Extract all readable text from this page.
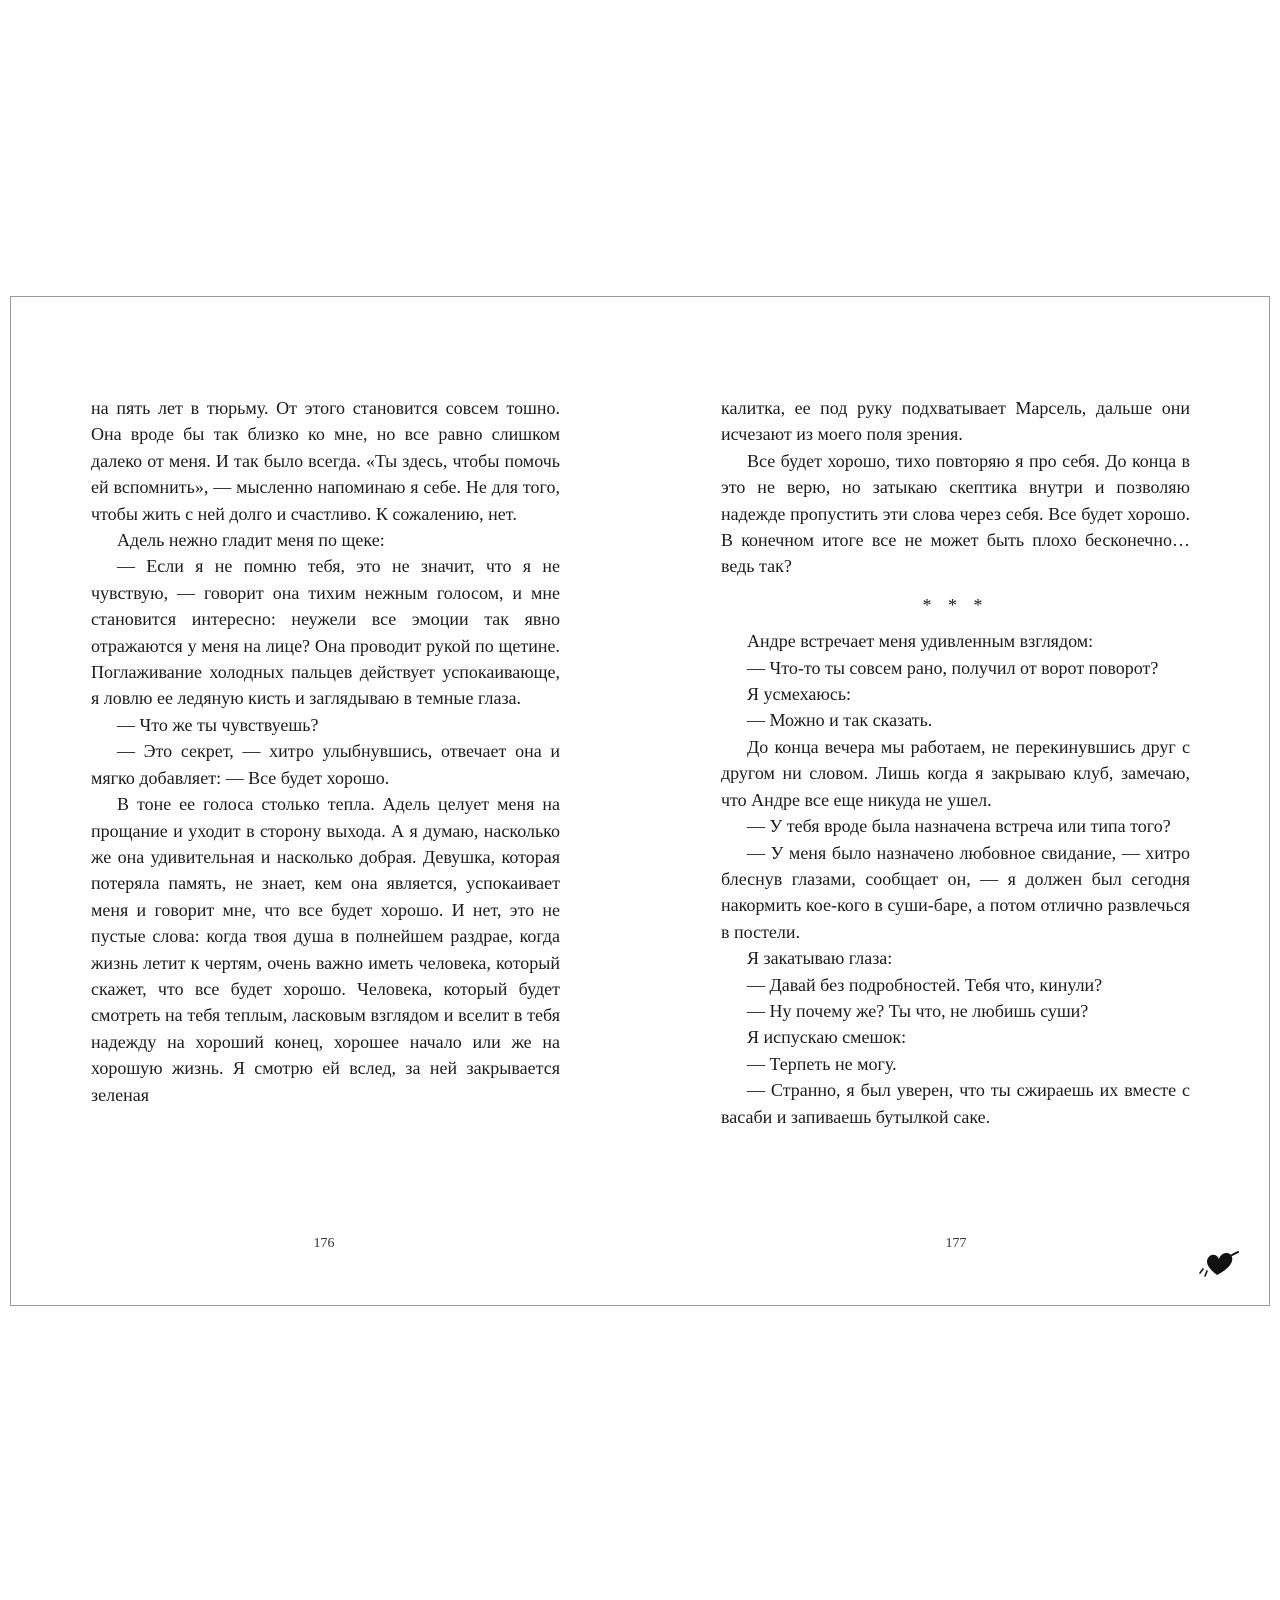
на пять лет в тюрьму. От этого становится совсем тошно. Она вроде бы так близко ко мне, но все равно слишком далеко от меня. И так было всегда. «Ты здесь, чтобы помочь ей вспомнить», — мысленно напоминаю я себе. Не для того, чтобы жить с ней долго и счастливо. К сожалению, нет.

Адель нежно гладит меня по щеке:

— Если я не помню тебя, это не значит, что я не чувствую, — говорит она тихим нежным голосом, и мне становится интересно: неужели все эмоции так явно отражаются у меня на лице? Она проводит рукой по щетине. Поглаживание холодных пальцев действует успокаивающе, я ловлю ее ледяную кисть и заглядываю в темные глаза.

— Что же ты чувствуешь?

— Это секрет, — хитро улыбнувшись, отвечает она и мягко добавляет: — Все будет хорошо.

В тоне ее голоса столько тепла. Адель целует меня на прощание и уходит в сторону выхода. А я думаю, насколько же она удивительная и насколько добрая. Девушка, которая потеряла память, не знает, кем она является, успокаивает меня и говорит мне, что все будет хорошо. И нет, это не пустые слова: когда твоя душа в полнейшем раздрае, когда жизнь летит к чертям, очень важно иметь человека, который скажет, что все будет хорошо. Человека, который будет смотреть на тебя теплым, ласковым взглядом и вселит в тебя надежду на хороший конец, хорошее начало или же на хорошую жизнь. Я смотрю ей вслед, за ней закрывается зеленая

калитка, ее под руку подхватывает Марсель, дальше они исчезают из моего поля зрения.

Все будет хорошо, тихо повторяю я про себя. До конца в это не верю, но затыкаю скептика внутри и позволяю надежде пропустить эти слова через себя. Все будет хорошо. В конечном итоге все не может быть плохо бесконечно… ведь так?

* * *

Андре встречает меня удивленным взглядом:

— Что-то ты совсем рано, получил от ворот поворот?

Я усмехаюсь:

— Можно и так сказать.

До конца вечера мы работаем, не перекинувшись друг с другом ни словом. Лишь когда я закрываю клуб, замечаю, что Андре все еще никуда не ушел.

— У тебя вроде была назначена встреча или типа того?

— У меня было назначено любовное свидание, — хитро блеснув глазами, сообщает он, — я должен был сегодня накормить кое-кого в суши-баре, а потом отлично развлечься в постели.

Я закатываю глаза:

— Давай без подробностей. Тебя что, кинули?

— Ну почему же? Ты что, не любишь суши?

Я испускаю смешок:

— Терпеть не могу.

— Странно, я был уверен, что ты сжираешь их вместе с васаби и запиваешь бутылкой саке.

176	177
